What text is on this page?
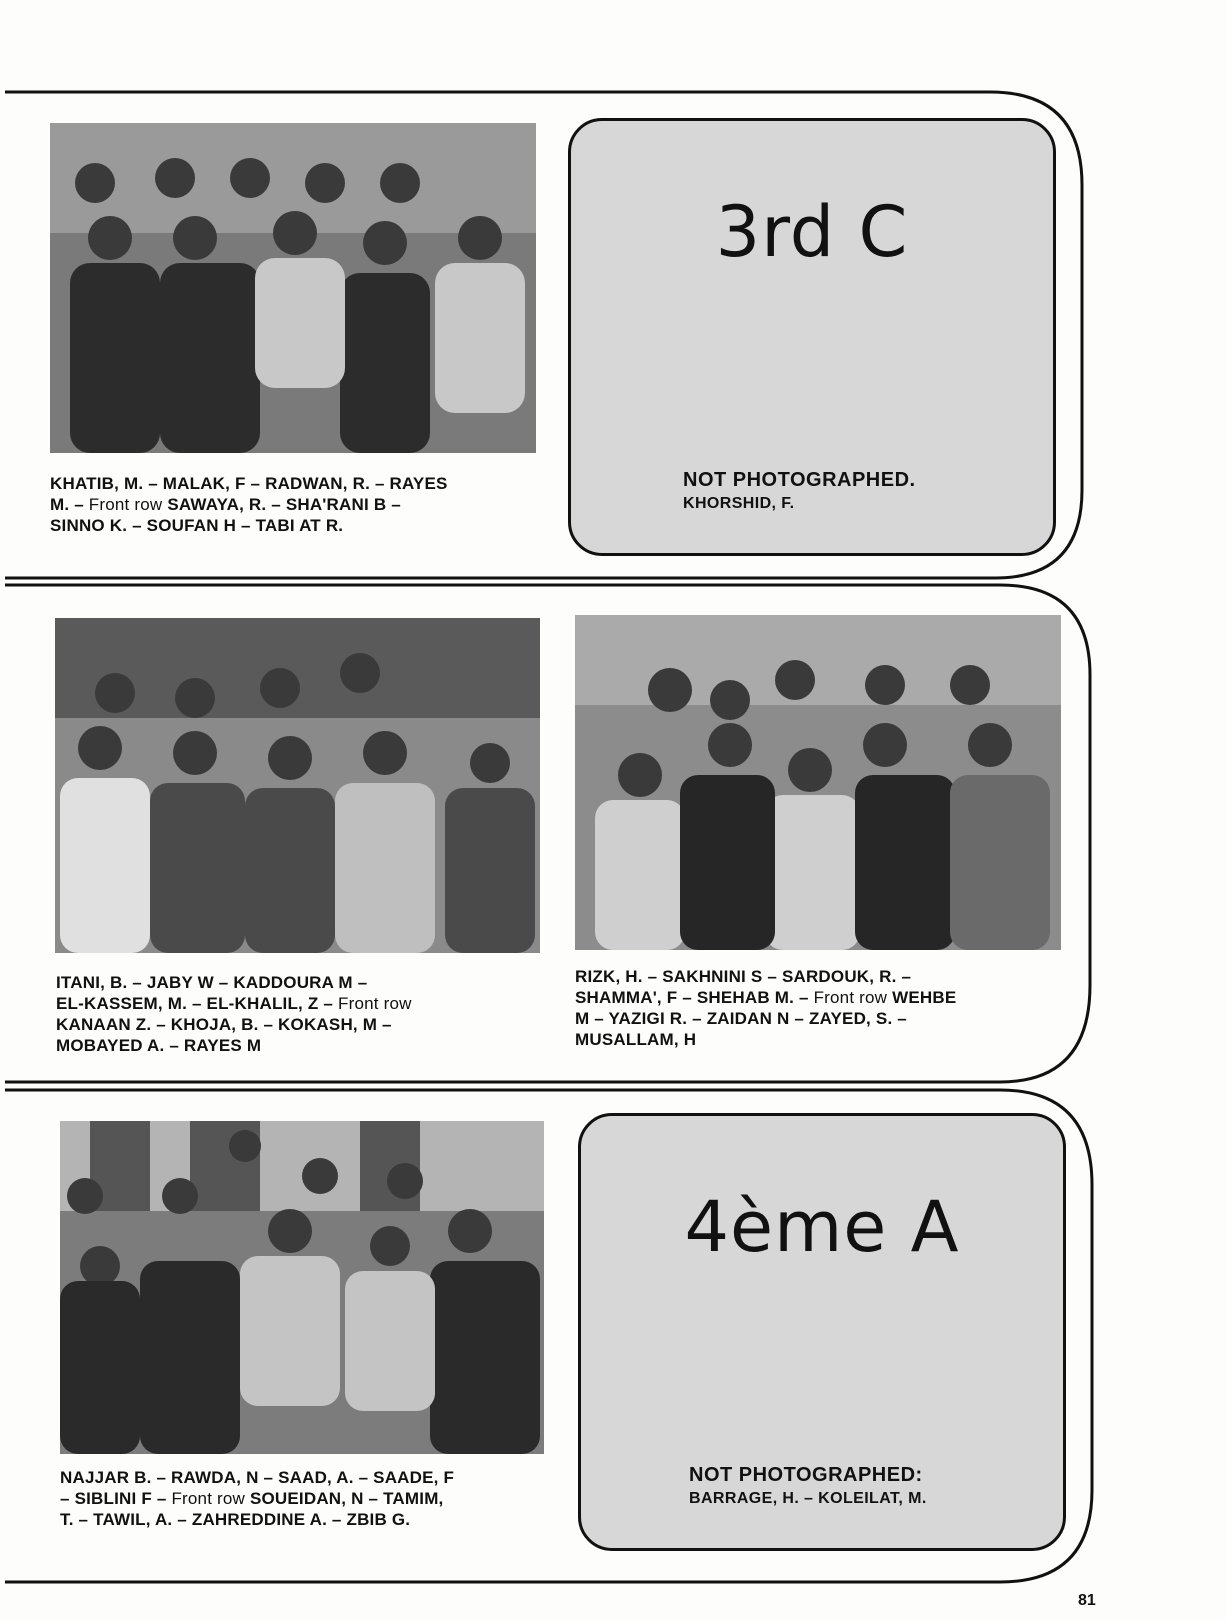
KHATIB, M. – MALAK, F – RADWAN, R. – RAYES
M. – Front row SAWAYA, R. – SHA'RANI B –
SINNO K. – SOUFAN H – TABI AT R.
3rd C
NOT PHOTOGRAPHED.
KHORSHID, F.
ITANI, B. – JABY W – KADDOURA M –
EL-KASSEM, M. – EL-KHALIL, Z – Front row
KANAAN Z. – KHOJA, B. – KOKASH, M –
MOBAYED A. – RAYES M
RIZK, H. – SAKHNINI S – SARDOUK, R. –
SHAMMA', F – SHEHAB M. – Front row WEHBE
M – YAZIGI R. – ZAIDAN N – ZAYED, S. –
MUSALLAM, H
NAJJAR B. – RAWDA, N – SAAD, A. – SAADE, F
– SIBLINI F – Front row SOUEIDAN, N – TAMIM,
T. – TAWIL, A. – ZAHREDDINE A. – ZBIB G.
4ème A
NOT PHOTOGRAPHED:
BARRAGE, H. – KOLEILAT, M.
81
